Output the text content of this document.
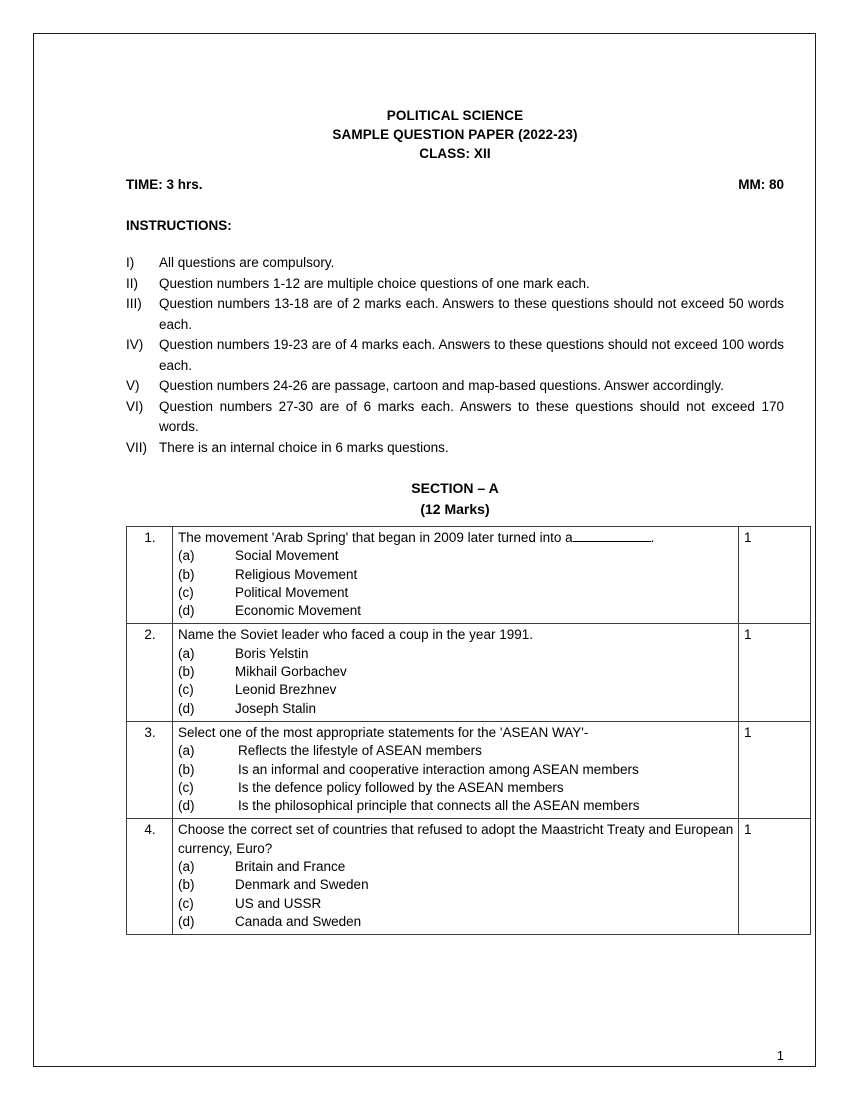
POLITICAL SCIENCE
SAMPLE QUESTION PAPER (2022-23)
CLASS: XII
TIME: 3 hrs.	MM: 80
INSTRUCTIONS:
I)	All questions are compulsory.
II)	Question numbers 1-12 are multiple choice questions of one mark each.
III)	Question numbers 13-18 are of 2 marks each. Answers to these questions should not exceed 50 words each.
IV)	Question numbers 19-23 are of 4 marks each. Answers to these questions should not exceed 100 words each.
V)	Question numbers 24-26 are passage, cartoon and map-based questions. Answer accordingly.
VI)	Question numbers 27-30 are of 6 marks each. Answers to these questions should not exceed 170 words.
VII) There is an internal choice in 6 marks questions.
SECTION – A
(12 Marks)
1.	The movement 'Arab Spring' that began in 2009 later turned into a	.
(a)	Social Movement
(b)	Religious Movement
(c)	Political Movement
(d)	Economic Movement
	1
2.	Name the Soviet leader who faced a coup in the year 1991.
(a)	Boris Yelstin
(b)	Mikhail Gorbachev
(c)	Leonid Brezhnev
(d)	Joseph Stalin
	1
3.	Select one of the most appropriate statements for the 'ASEAN WAY'-
(a)	Reflects the lifestyle of ASEAN members
(b)	Is an informal and cooperative interaction among ASEAN members
(c)	Is the defence policy followed by the ASEAN members
(d)	Is the philosophical principle that connects all the ASEAN members
	1
4.	Choose the correct set of countries that refused to adopt the Maastricht Treaty and European currency, Euro?
(a)	Britain and France
(b)	Denmark and Sweden
(c)	US and USSR
(d)	Canada and Sweden
	1
1
